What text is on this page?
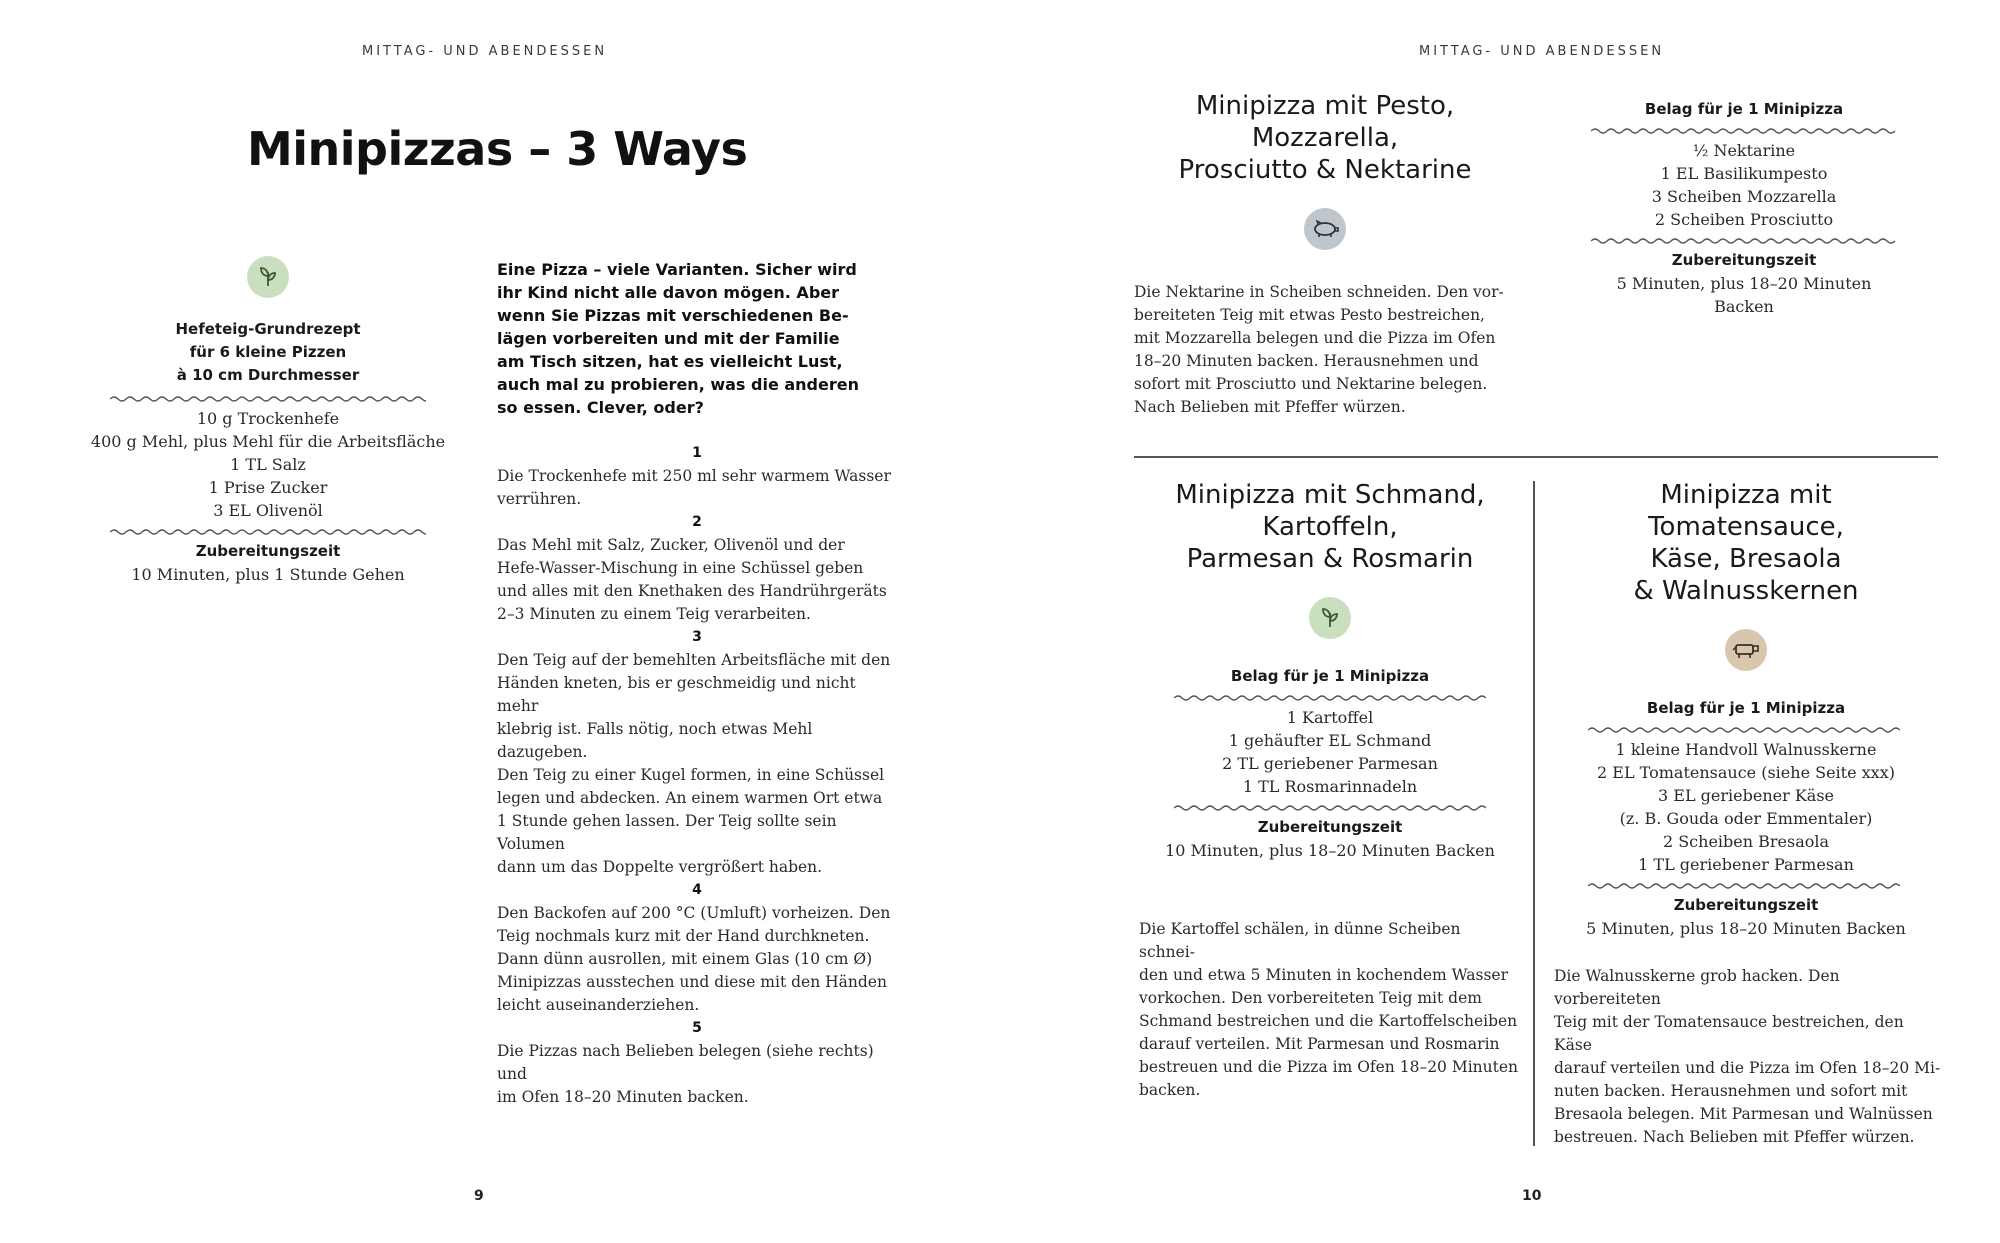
MITTAG- UND ABENDESSEN
Minipizzas – 3 Ways
Hefeteig-Grundrezept
für 6 kleine Pizzen
à 10 cm Durchmesser
10 g Trockenhefe
400 g Mehl, plus Mehl für die Arbeitsfläche
1 TL Salz
1 Prise Zucker
3 EL Olivenöl
Zubereitungszeit
10 Minuten, plus 1 Stunde Gehen
Eine Pizza – viele Varianten. Sicher wird
ihr Kind nicht alle davon mögen. Aber
wenn Sie Pizzas mit verschiedenen Be-
lägen vorbereiten und mit der Familie
am Tisch sitzen, hat es vielleicht Lust,
auch mal zu probieren, was die anderen
so essen. Clever, oder?
1
Die Trockenhefe mit 250 ml sehr warmem Wasser
verrühren.
2
Das Mehl mit Salz, Zucker, Olivenöl und der
Hefe-Wasser-Mischung in eine Schüssel geben
und alles mit den Knethaken des Handrührgeräts
2–3 Minuten zu einem Teig verarbeiten.
3
Den Teig auf der bemehlten Arbeitsfläche mit den
Händen kneten, bis er geschmeidig und nicht mehr
klebrig ist. Falls nötig, noch etwas Mehl dazugeben.
Den Teig zu einer Kugel formen, in eine Schüssel
legen und abdecken. An einem warmen Ort etwa
1 Stunde gehen lassen. Der Teig sollte sein Volumen
dann um das Doppelte vergrößert haben.
4
Den Backofen auf 200 °C (Umluft) vorheizen. Den
Teig nochmals kurz mit der Hand durchkneten.
Dann dünn ausrollen, mit einem Glas (10 cm Ø)
Minipizzas ausstechen und diese mit den Händen
leicht auseinanderziehen.
5
Die Pizzas nach Belieben belegen (siehe rechts) und
im Ofen 18–20 Minuten backen.
9
MITTAG- UND ABENDESSEN
Minipizza mit Pesto,
Mozzarella,
Prosciutto & Nektarine
Die Nektarine in Scheiben schneiden. Den vor-
bereiteten Teig mit etwas Pesto bestreichen,
mit Mozzarella belegen und die Pizza im Ofen
18–20 Minuten backen. Herausnehmen und
sofort mit Prosciutto und Nektarine belegen.
Nach Belieben mit Pfeffer würzen.
Belag für je 1 Minipizza
½ Nektarine
1 EL Basilikumpesto
3 Scheiben Mozzarella
2 Scheiben Prosciutto
Zubereitungszeit
5 Minuten, plus 18–20 Minuten Backen
Minipizza mit Schmand,
Kartoffeln,
Parmesan & Rosmarin
Belag für je 1 Minipizza
1 Kartoffel
1 gehäufter EL Schmand
2 TL geriebener Parmesan
1 TL Rosmarinnadeln
Zubereitungszeit
10 Minuten, plus 18–20 Minuten Backen
Die Kartoffel schälen, in dünne Scheiben schnei-
den und etwa 5 Minuten in kochendem Wasser
vorkochen. Den vorbereiteten Teig mit dem
Schmand bestreichen und die Kartoffelscheiben
darauf verteilen. Mit Parmesan und Rosmarin
bestreuen und die Pizza im Ofen 18–20 Minuten
backen.
Minipizza mit Tomatensauce,
Käse, Bresaola
& Walnusskernen
Belag für je 1 Minipizza
1 kleine Handvoll Walnusskerne
2 EL Tomatensauce (siehe Seite xxx)
3 EL geriebener Käse
(z. B. Gouda oder Emmentaler)
2 Scheiben Bresaola
1 TL geriebener Parmesan
Zubereitungszeit
5 Minuten, plus 18–20 Minuten Backen
Die Walnusskerne grob hacken. Den vorbereiteten
Teig mit der Tomatensauce bestreichen, den Käse
darauf verteilen und die Pizza im Ofen 18–20 Mi-
nuten backen. Herausnehmen und sofort mit
Bresaola belegen. Mit Parmesan und Walnüssen
bestreuen. Nach Belieben mit Pfeffer würzen.
10
